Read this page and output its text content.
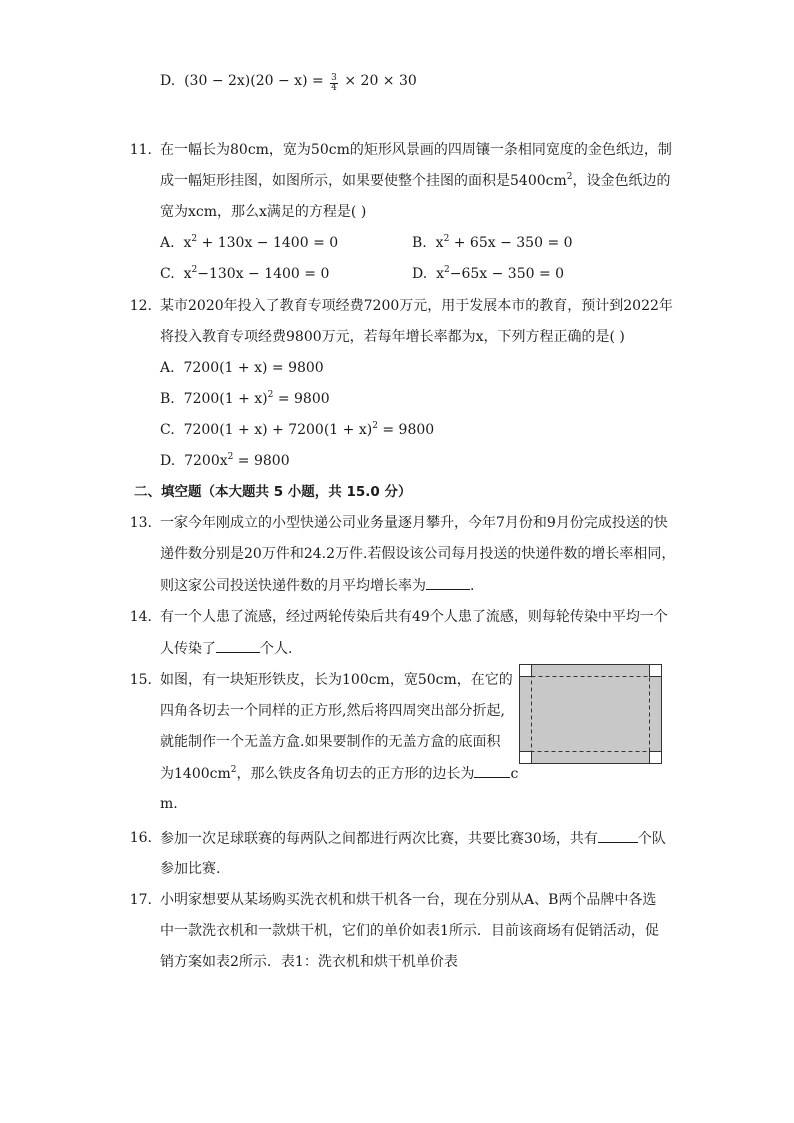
D. $(30 - 2x)(20 - x) = \frac{3}{4} \times 20 \times 30$
11. 在一幅长为80cm，宽为50cm的矩形风景画的四周镶一条相同宽度的金色纸边，制
成一幅矩形挂图，如图所示，如果要使整个挂图的面积是$5400cm^2$，设金色纸边的
宽为xcm，那么x满足的方程是( )
A. $x^2 + 130x - 1400 = 0$	B. $x^2 + 65x - 350 = 0$
C. $x^2-130x - 1400 = 0$	D. $x^2-65x - 350 = 0$
12. 某市2020年投入了教育专项经费7200万元，用于发展本市的教育，预计到2022年
将投入教育专项经费9800万元，若每年增长率都为x，下列方程正确的是( )
A. 7200(1 + x) = 9800
B. $7200(1 + x)^2 = 9800$
C. $7200(1 + x) + 7200(1 + x)^2 = 9800$
D. $7200x^2 = 9800$
二、填空题（本大题共 5 小题，共 15.0 分）
13. 一家今年刚成立的小型快递公司业务量逐月攀升，今年7月份和9月份完成投送的快
递件数分别是20万件和24.2万件.若假设该公司每月投送的快递件数的增长率相同，
则这家公司投送快递件数的月平均增长率为	.
14. 有一个人患了流感，经过两轮传染后共有49个人患了流感，则每轮传染中平均一个
人传染了	个人.
15. 如图，有一块矩形铁皮，长为100cm，宽50cm，在它的
四角各切去一个同样的正方形,然后将四周突出部分折起,
就能制作一个无盖方盒.如果要制作的无盖方盒的底面积
为$1400cm^2$，那么铁皮各角切去的正方形的边长为	c
m.
16. 参加一次足球联赛的每两队之间都进行两次比赛，共要比赛30场，共有	个队
参加比赛.
17. 小明家想要从某场购买洗衣机和烘干机各一台，现在分别从A、B两个品牌中各选
中一款洗衣机和一款烘干机，它们的单价如表1所示．目前该商场有促销活动，促
销方案如表2所示．表1：洗衣机和烘干机单价表
